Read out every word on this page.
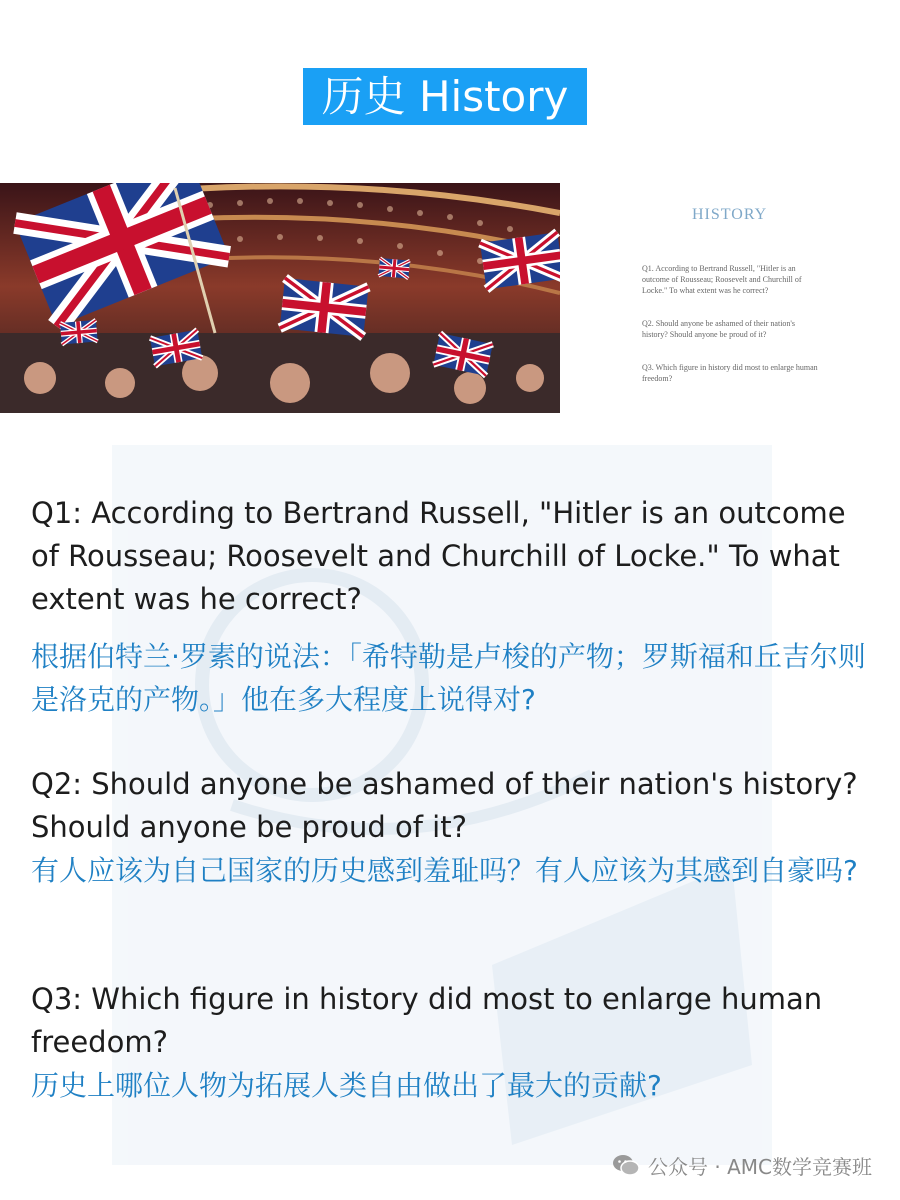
历史 History
HISTORY
Q1. According to Bertrand Russell, "Hitler is an outcome of Rousseau; Roosevelt and Churchill of Locke." To what extent was he correct?
Q2. Should anyone be ashamed of their nation's history? Should anyone be proud of it?
Q3. Which figure in history did most to enlarge human freedom?
Q1: According to Bertrand Russell, "Hitler is an outcome of Rousseau; Roosevelt and Churchill of Locke." To what extent was he correct?
根据伯特兰·罗素的说法：「希特勒是卢梭的产物；罗斯福和丘吉尔则是洛克的产物。」他在多大程度上说得对?
Q2: Should anyone be ashamed of their nation's history? Should anyone be proud of it?
有人应该为自己国家的历史感到羞耻吗？有人应该为其感到自豪吗?
Q3: Which figure in history did most to enlarge human freedom?
历史上哪位人物为拓展人类自由做出了最大的贡献?
公众号 · AMC数学竞赛班
